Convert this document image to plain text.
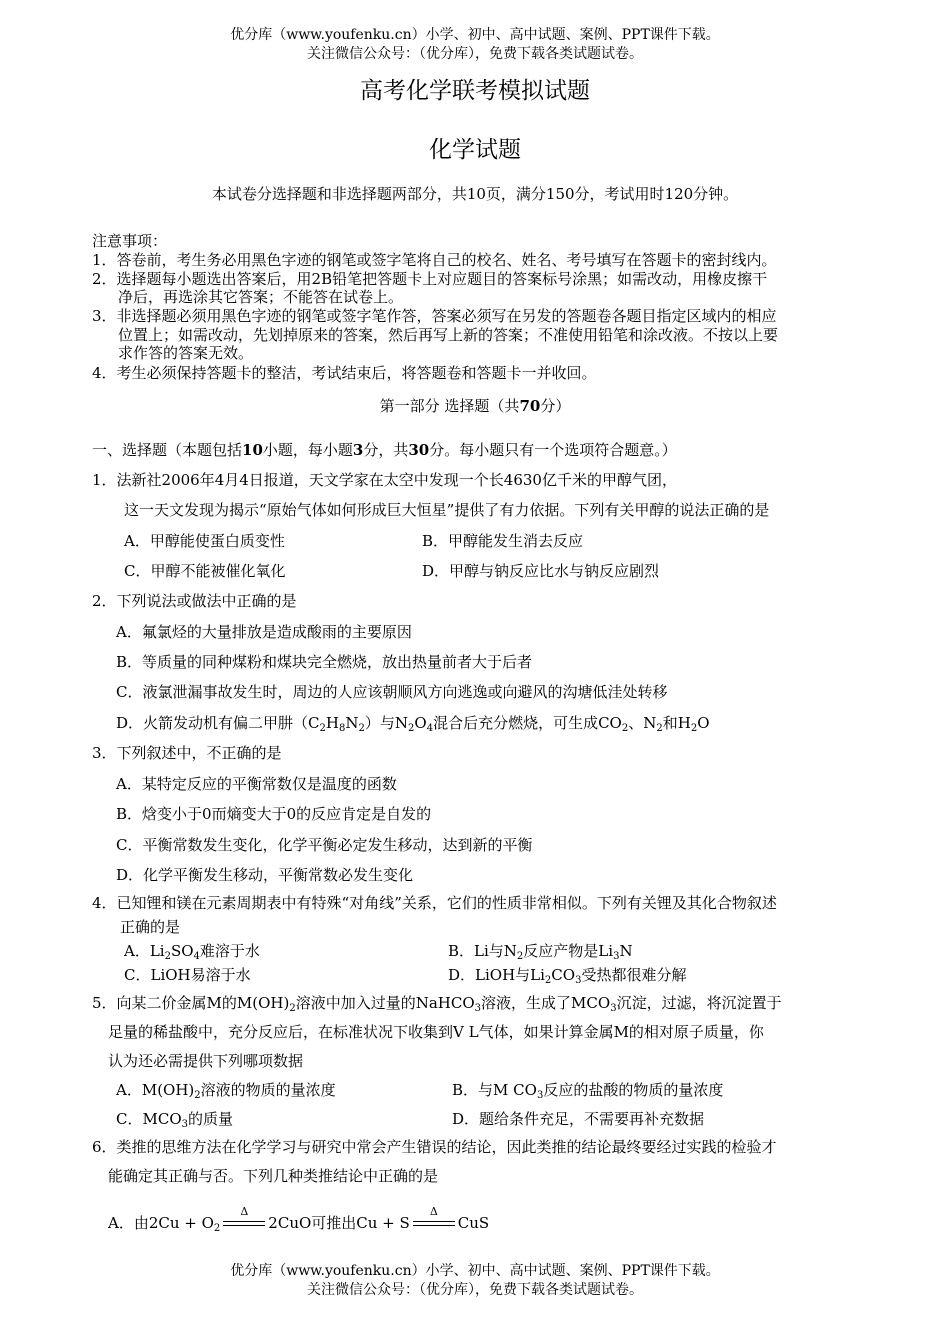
优分库（www.youfenku.cn）小学、初中、高中试题、案例、PPT课件下载。
关注微信公众号：（优分库），免费下载各类试题试卷。
高考化学联考模拟试题
化学试题
本试卷分选择题和非选择题两部分，共10页，满分150分，考试用时120分钟。
注意事项：
1．答卷前，考生务必用黑色字迹的钢笔或签字笔将自己的校名、姓名、考号填写在答题卡的密封线内。
2．选择题每小题选出答案后，用2B铅笔把答题卡上对应题目的答案标号涂黑；如需改动，用橡皮擦干
净后，再选涂其它答案；不能答在试卷上。
3．非选择题必须用黑色字迹的钢笔或签字笔作答，答案必须写在另发的答题卷各题目指定区域内的相应
位置上；如需改动，先划掉原来的答案，然后再写上新的答案；不准使用铅笔和涂改液。不按以上要
求作答的答案无效。
4．考生必须保持答题卡的整洁，考试结束后，将答题卷和答题卡一并收回。
第一部分 选择题（共70分）
一、选择题（本题包括10小题，每小题3分，共30分。每小题只有一个选项符合题意。）
1．法新社2006年4月4日报道，天文学家在太空中发现一个长4630亿千米的甲醇气团，
这一天文发现为揭示“原始气体如何形成巨大恒星”提供了有力依据。下列有关甲醇的说法正确的是
A．甲醇能使蛋白质变性	B．甲醇能发生消去反应
C．甲醇不能被催化氧化	D．甲醇与钠反应比水与钠反应剧烈
2．下列说法或做法中正确的是
A．氟氯烃的大量排放是造成酸雨的主要原因
B．等质量的同种煤粉和煤块完全燃烧，放出热量前者大于后者
C．液氯泄漏事故发生时，周边的人应该朝顺风方向逃逸或向避风的沟塘低洼处转移
D．火箭发动机有偏二甲肼$(C_2H_8N_2)$与$N_2O_4$混合后充分燃烧，可生成$CO_2$、$N_2$和$H_2O$
3．下列叙述中，不正确的是
A．某特定反应的平衡常数仅是温度的函数
B．焓变小于0而熵变大于0的反应肯定是自发的
C．平衡常数发生变化，化学平衡必定发生移动，达到新的平衡
D．化学平衡发生移动，平衡常数必发生变化
4．已知锂和镁在元素周期表中有特殊“对角线”关系，它们的性质非常相似。下列有关锂及其化合物叙述
正确的是
A．$Li_2SO_4$难溶于水	B．Li与$N_2$反应产物是$Li_3N$
C．LiOH易溶于水	D．LiOH与$Li_2CO_3$受热都很难分解
5．向某二价金属M的$M(OH)_2$溶液中加入过量的NaHCO$_3$溶液，生成了$MCO_3$沉淀，过滤，将沉淀置于
足量的稀盐酸中，充分反应后，在标准状况下收集到V L气体，如果计算金属M的相对原子质量，你
认为还必需提供下列哪项数据
A．$M(OH)_2$溶液的物质的量浓度	B．与M $CO_3$反应的盐酸的物质的量浓度
C．$MCO_3$的质量	D．题给条件充足，不需要再补充数据
6．类推的思维方法在化学学习与研究中常会产生错误的结论，因此类推的结论最终要经过实践的检验才
能确定其正确与否。下列几种类推结论中正确的是
A．由$2Cu + O_2$
Δ
2CuO可推出Cu + S
Δ
CuS
优分库（www.youfenku.cn）小学、初中、高中试题、案例、PPT课件下载。
关注微信公众号：（优分库），免费下载各类试题试卷。
